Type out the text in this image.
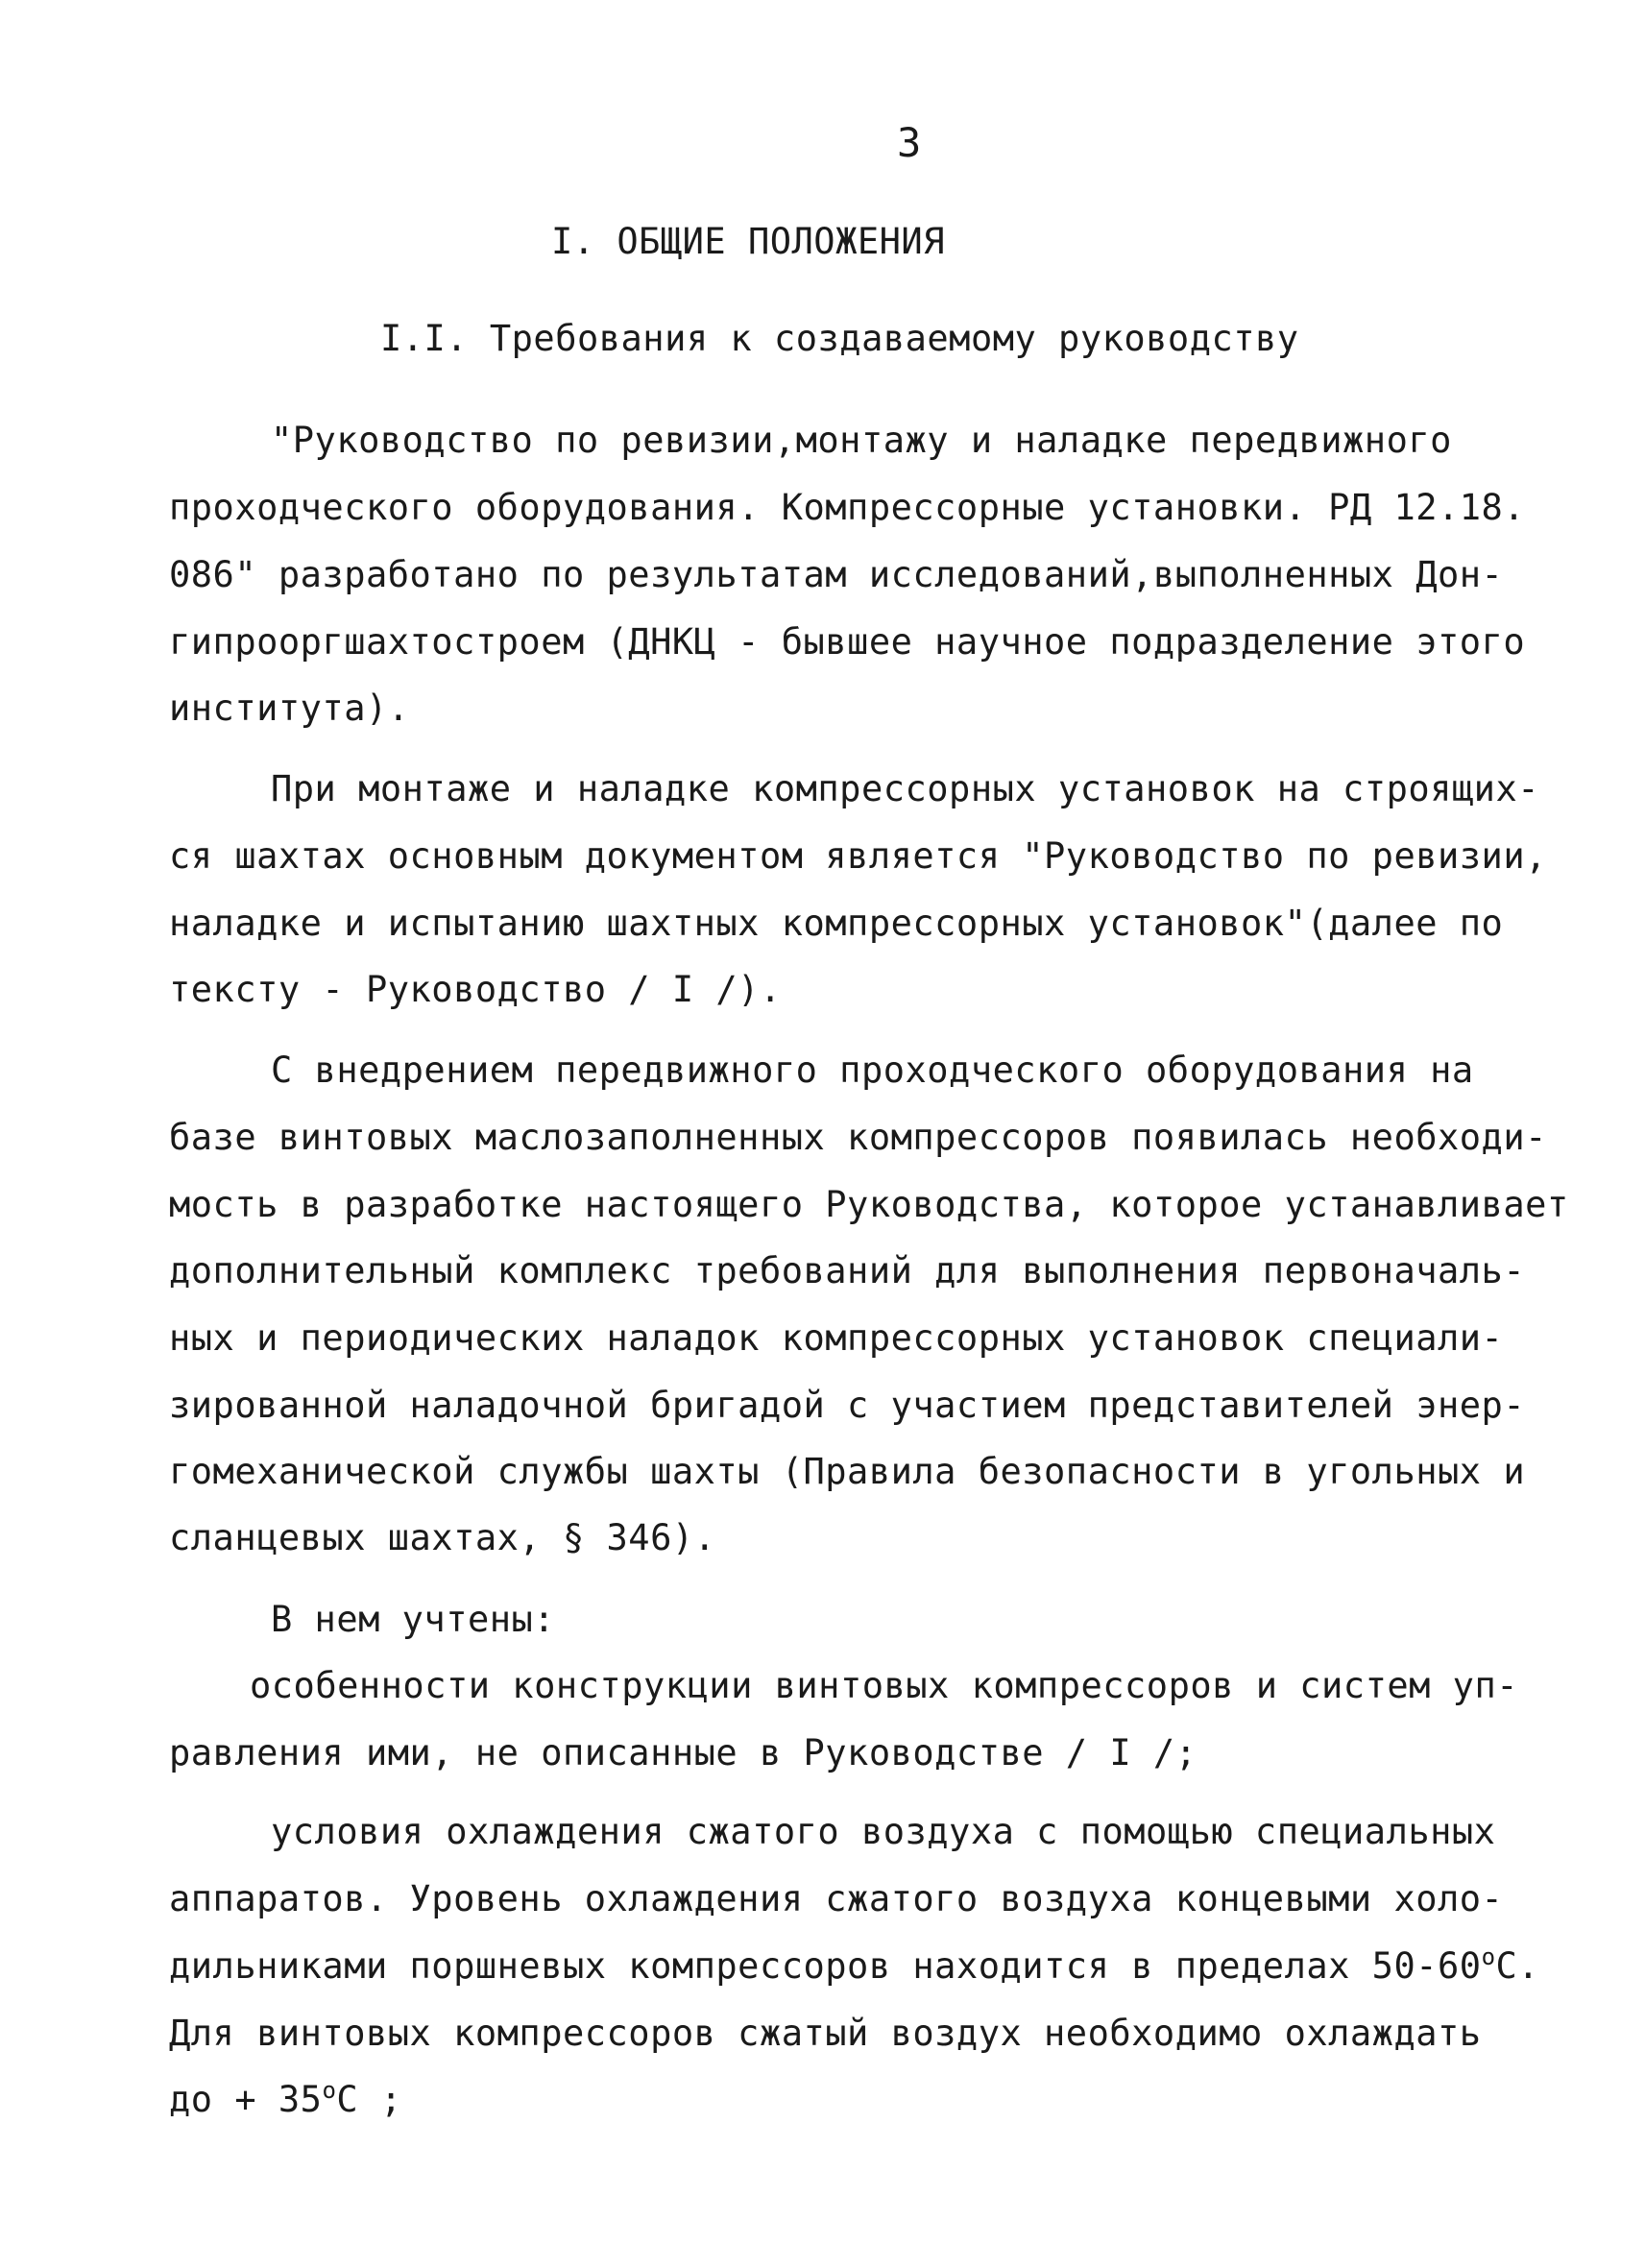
3
I. ОБЩИЕ ПОЛОЖЕНИЯ
I.I. Требования к создаваемому руководству
"Руководство по ревизии,монтажу и наладке передвижного
проходческого оборудования. Компрессорные установки. РД 12.18.
086" разработано по результатам исследований,выполненных Дон-
гипрооргшахтостроем (ДНКЦ - бывшее научное подразделение этого
института).
При монтаже и наладке компрессорных установок на строящих-
ся шахтах основным документом является "Руководство по ревизии,
наладке и испытанию шахтных компрессорных установок"(далее по
тексту - Руководство / I /).
С внедрением передвижного проходческого оборудования на
базе винтовых маслозаполненных компрессоров появилась необходи-
мость в разработке настоящего Руководства, которое устанавливает
дополнительный комплекс требований для выполнения первоначаль-
ных и периодических наладок компрессорных установок специали-
зированной наладочной бригадой с участием представителей энер-
гомеханической службы шахты (Правила безопасности в угольных и
сланцевых шахтах, § 346).
В нем учтены:
особенности конструкции винтовых компрессоров и систем уп-
равления ими, не описанные в Руководстве / I /;
условия охлаждения сжатого воздуха с помощью специальных
аппаратов. Уровень охлаждения сжатого воздуха концевыми холо-
дильниками поршневых компрессоров находится в пределах 50-60$^o$С.
Для винтовых компрессоров сжатый воздух необходимо охлаждать
до + $35^oС$ ;
